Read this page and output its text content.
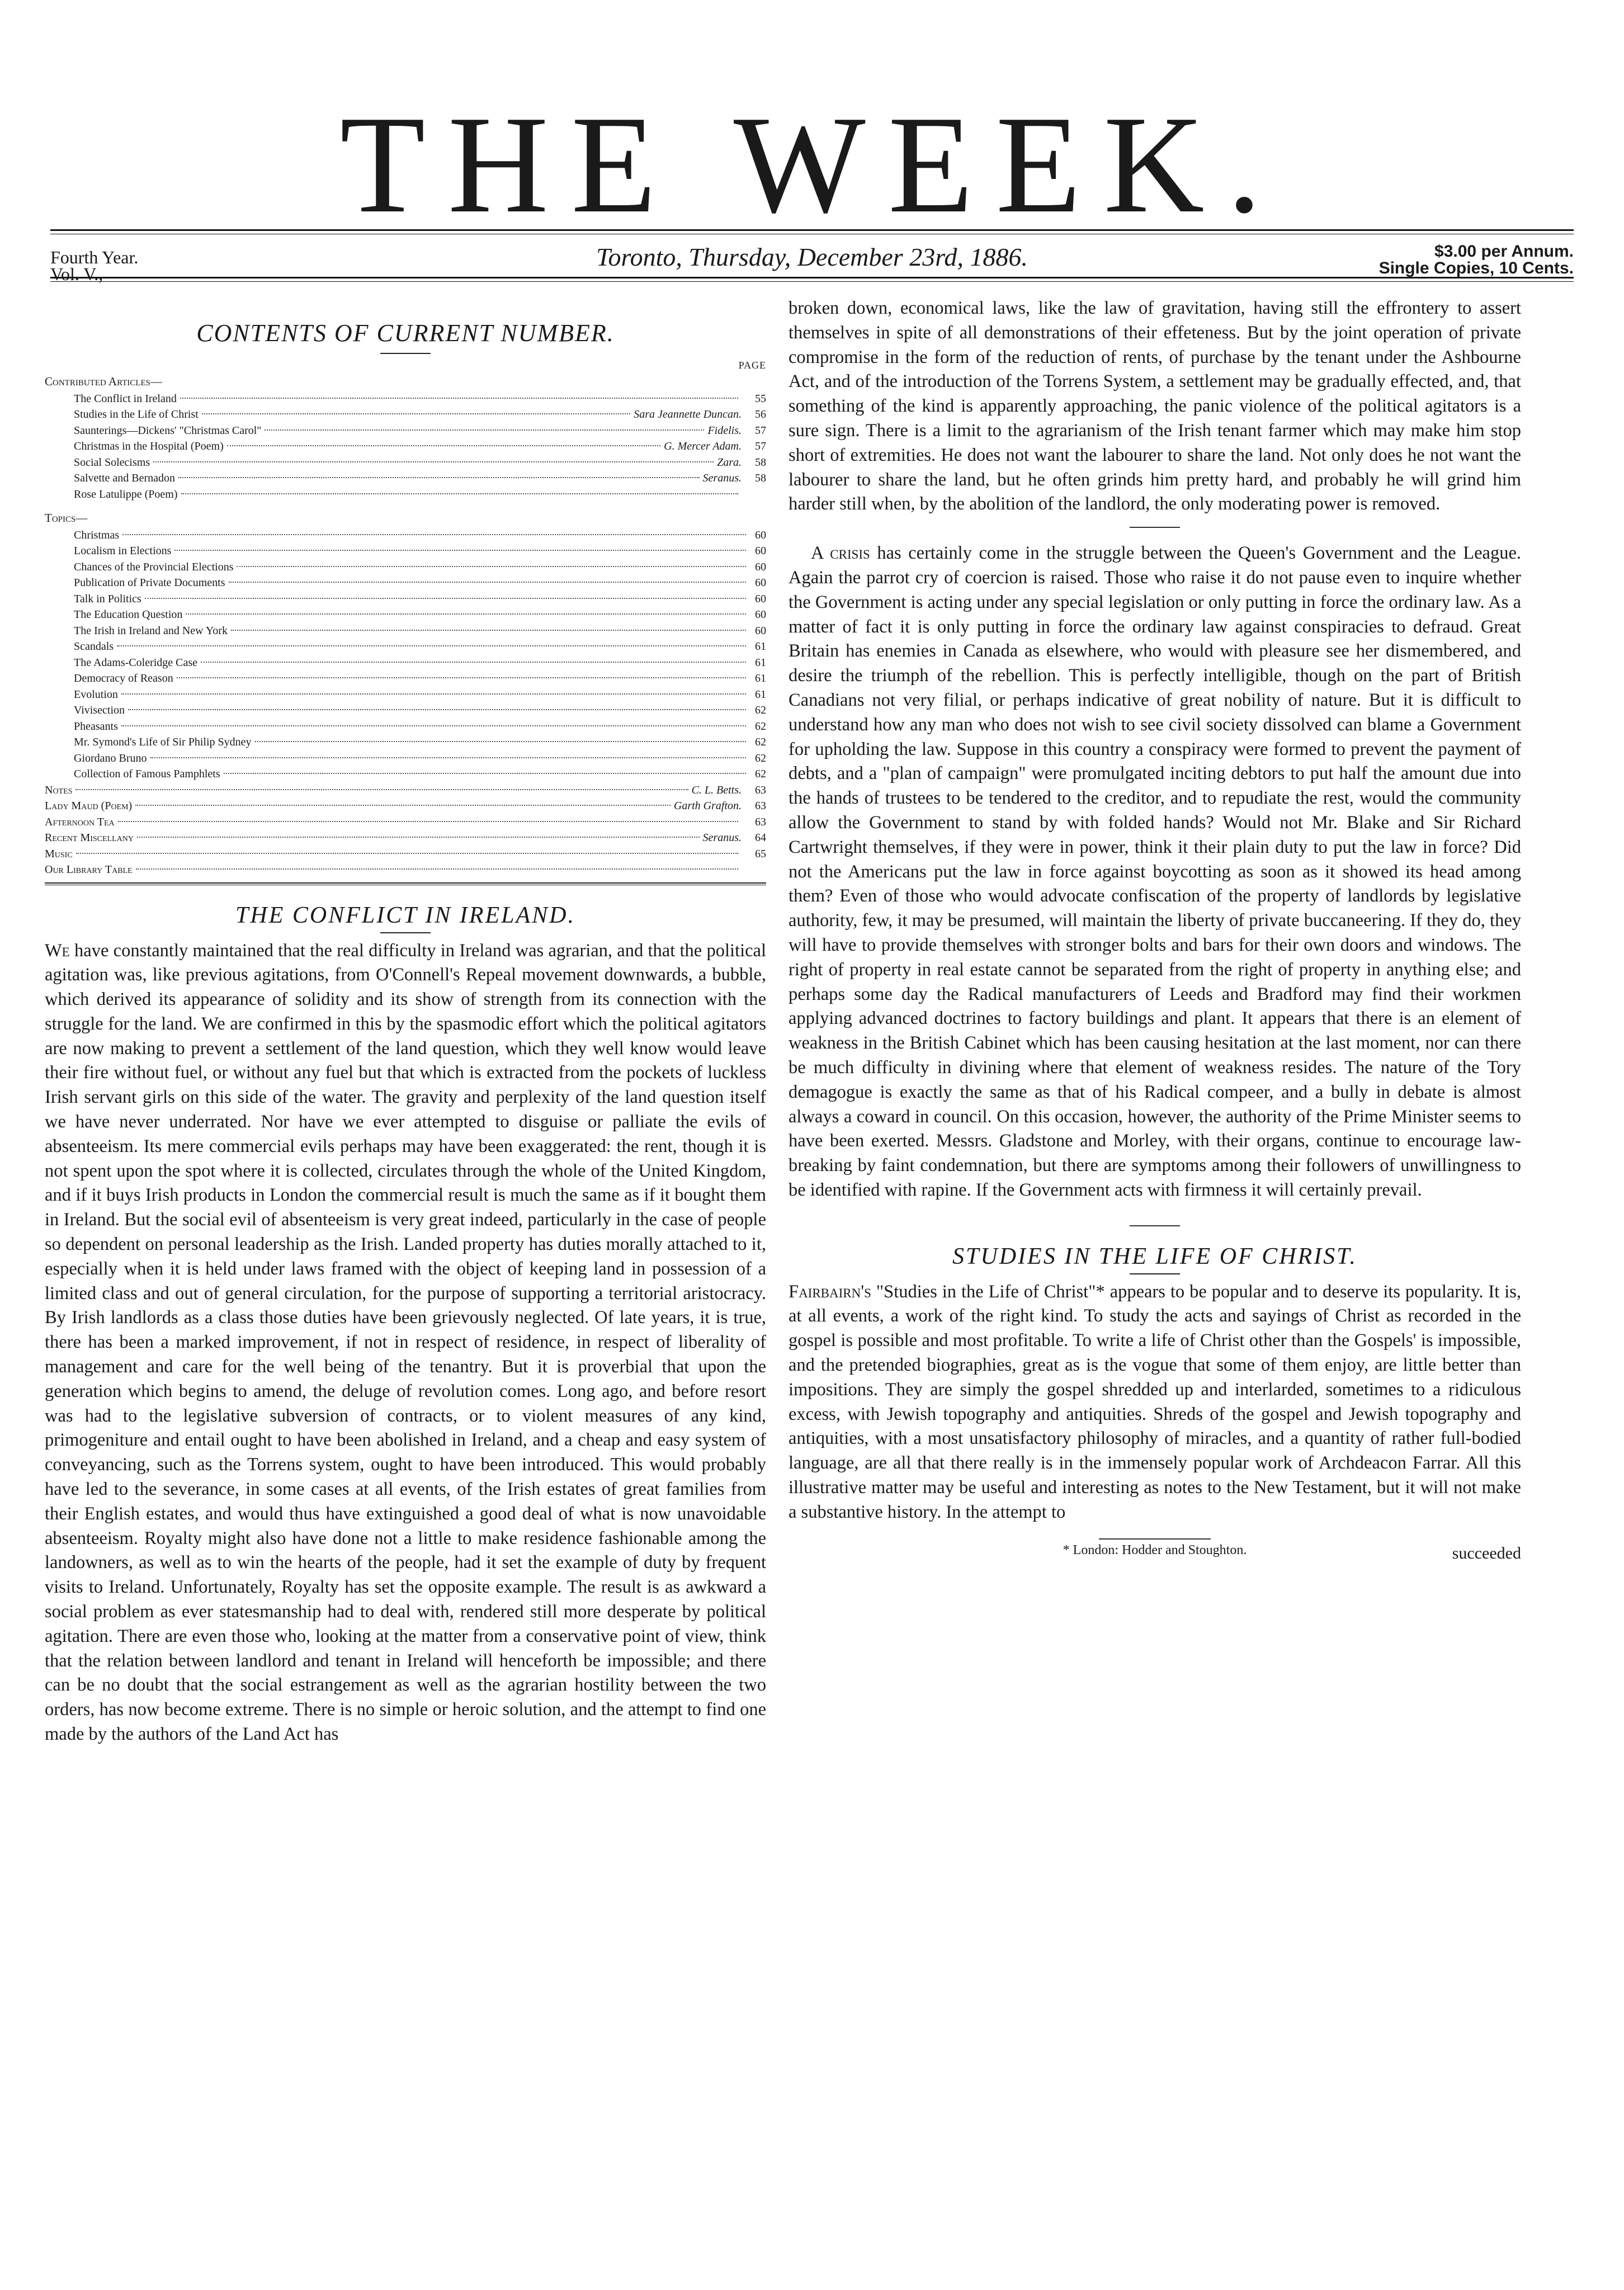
THE WEEK.
Fourth Year.
Vol. V.,
Toronto, Thursday, December 23rd, 1886.	$3.00 per Annum.
Single Copies, 10 Cents.
CONTENTS OF CURRENT NUMBER.
PAGE
Contributed Articles—
The Conflict in Ireland	55
Studies in the Life of Christ	Sara Jeannette Duncan.	56
Saunterings—Dickens' "Christmas Carol"	Fidelis.	57
Christmas in the Hospital (Poem)	G. Mercer Adam.	57
Social Solecisms	Zara.	58
Salvette and Bernadon	Seranus.	58
Rose Latulippe (Poem)
Topics—
Christmas	60
Localism in Elections	60
Chances of the Provincial Elections	60
Publication of Private Documents	60
Talk in Politics	60
The Education Question	60
The Irish in Ireland and New York	60
Scandals	61
The Adams-Coleridge Case	61
Democracy of Reason	61
Evolution	61
Vivisection	62
Pheasants	62
Mr. Symond's Life of Sir Philip Sydney	62
Giordano Bruno	62
Collection of Famous Pamphlets	62
Notes	C. L. Betts.	63
Lady Maud (Poem)	Garth Grafton.	63
Afternoon Tea	63
Recent Miscellany	Seranus.	64
Music	65
Our Library Table
THE CONFLICT IN IRELAND.

We have constantly maintained that the real difficulty in Ireland was agrarian, and that the political agitation was, like previous agitations, from O'Connell's Repeal movement downwards, a bubble, which derived its appearance of solidity and its show of strength from its connection with the struggle for the land. We are confirmed in this by the spasmodic effort which the political agitators are now making to prevent a settlement of the land question, which they well know would leave their fire without fuel, or without any fuel but that which is extracted from the pockets of luckless Irish servant girls on this side of the water. The gravity and perplexity of the land question itself we have never underrated. Nor have we ever attempted to disguise or palliate the evils of absenteeism. Its mere commercial evils perhaps may have been exaggerated: the rent, though it is not spent upon the spot where it is collected, circulates through the whole of the United Kingdom, and if it buys Irish products in London the commercial result is much the same as if it bought them in Ireland. But the social evil of absenteeism is very great indeed, particularly in the case of people so dependent on personal leadership as the Irish. Landed property has duties morally attached to it, especially when it is held under laws framed with the object of keeping land in possession of a limited class and out of general circulation, for the purpose of supporting a territorial aristocracy. By Irish landlords as a class those duties have been grievously neglected. Of late years, it is true, there has been a marked improvement, if not in respect of residence, in respect of liberality of management and care for the well being of the tenantry. But it is proverbial that upon the generation which begins to amend, the deluge of revolution comes. Long ago, and before resort was had to the legislative subversion of contracts, or to violent measures of any kind, primogeniture and entail ought to have been abolished in Ireland, and a cheap and easy system of conveyancing, such as the Torrens system, ought to have been introduced. This would probably have led to the severance, in some cases at all events, of the Irish estates of great families from their English estates, and would thus have extinguished a good deal of what is now unavoidable absenteeism. Royalty might also have done not a little to make residence fashionable among the landowners, as well as to win the hearts of the people, had it set the example of duty by frequent visits to Ireland. Unfortunately, Royalty has set the opposite example. The result is as awkward a social problem as ever statesmanship had to deal with, rendered still more desperate by political agitation. There are even those who, looking at the matter from a conservative point of view, think that the relation between landlord and tenant in Ireland will henceforth be impossible; and there can be no doubt that the social estrangement as well as the agrarian hostility between the two orders, has now become extreme. There is no simple or heroic solution, and the attempt to find one made by the authors of the Land Act has

broken down, economical laws, like the law of gravitation, having still the effrontery to assert themselves in spite of all demonstrations of their effeteness. But by the joint operation of private compromise in the form of the reduction of rents, of purchase by the tenant under the Ashbourne Act, and of the introduction of the Torrens System, a settlement may be gradually effected, and, that something of the kind is apparently approaching, the panic violence of the political agitators is a sure sign. There is a limit to the agrarianism of the Irish tenant farmer which may make him stop short of extremities. He does not want the labourer to share the land. Not only does he not want the labourer to share the land, but he often grinds him pretty hard, and probably he will grind him harder still when, by the abolition of the landlord, the only moderating power is removed.

A crisis has certainly come in the struggle between the Queen's Government and the League. Again the parrot cry of coercion is raised. Those who raise it do not pause even to inquire whether the Government is acting under any special legislation or only putting in force the ordinary law. As a matter of fact it is only putting in force the ordinary law against conspiracies to defraud. Great Britain has enemies in Canada as elsewhere, who would with pleasure see her dismembered, and desire the triumph of the rebellion. This is perfectly intelligible, though on the part of British Canadians not very filial, or perhaps indicative of great nobility of nature. But it is difficult to understand how any man who does not wish to see civil society dissolved can blame a Government for upholding the law. Suppose in this country a conspiracy were formed to prevent the payment of debts, and a "plan of campaign" were promulgated inciting debtors to put half the amount due into the hands of trustees to be tendered to the creditor, and to repudiate the rest, would the community allow the Government to stand by with folded hands? Would not Mr. Blake and Sir Richard Cartwright themselves, if they were in power, think it their plain duty to put the law in force? Did not the Americans put the law in force against boycotting as soon as it showed its head among them? Even of those who would advocate confiscation of the property of landlords by legislative authority, few, it may be presumed, will maintain the liberty of private buccaneering. If they do, they will have to provide themselves with stronger bolts and bars for their own doors and windows. The right of property in real estate cannot be separated from the right of property in anything else; and perhaps some day the Radical manufacturers of Leeds and Bradford may find their workmen applying advanced doctrines to factory buildings and plant. It appears that there is an element of weakness in the British Cabinet which has been causing hesitation at the last moment, nor can there be much difficulty in divining where that element of weakness resides. The nature of the Tory demagogue is exactly the same as that of his Radical compeer, and a bully in debate is almost always a coward in council. On this occasion, however, the authority of the Prime Minister seems to have been exerted. Messrs. Gladstone and Morley, with their organs, continue to encourage law-breaking by faint condemnation, but there are symptoms among their followers of unwillingness to be identified with rapine. If the Government acts with firmness it will certainly prevail.

STUDIES IN THE LIFE OF CHRIST.

Fairbairn's "Studies in the Life of Christ"* appears to be popular and to deserve its popularity. It is, at all events, a work of the right kind. To study the acts and sayings of Christ as recorded in the gospel is possible and most profitable. To write a life of Christ other than the Gospels' is impossible, and the pretended biographies, great as is the vogue that some of them enjoy, are little better than impositions. They are simply the gospel shredded up and interlarded, sometimes to a ridiculous excess, with Jewish topography and antiquities. Shreds of the gospel and Jewish topography and antiquities, with a most unsatisfactory philosophy of miracles, and a quantity of rather full-bodied language, are all that there really is in the immensely popular work of Archdeacon Farrar. All this illustrative matter may be useful and interesting as notes to the New Testament, but it will not make a substantive history. In the attempt to

* London: Hodder and Stoughton.	succeeded
